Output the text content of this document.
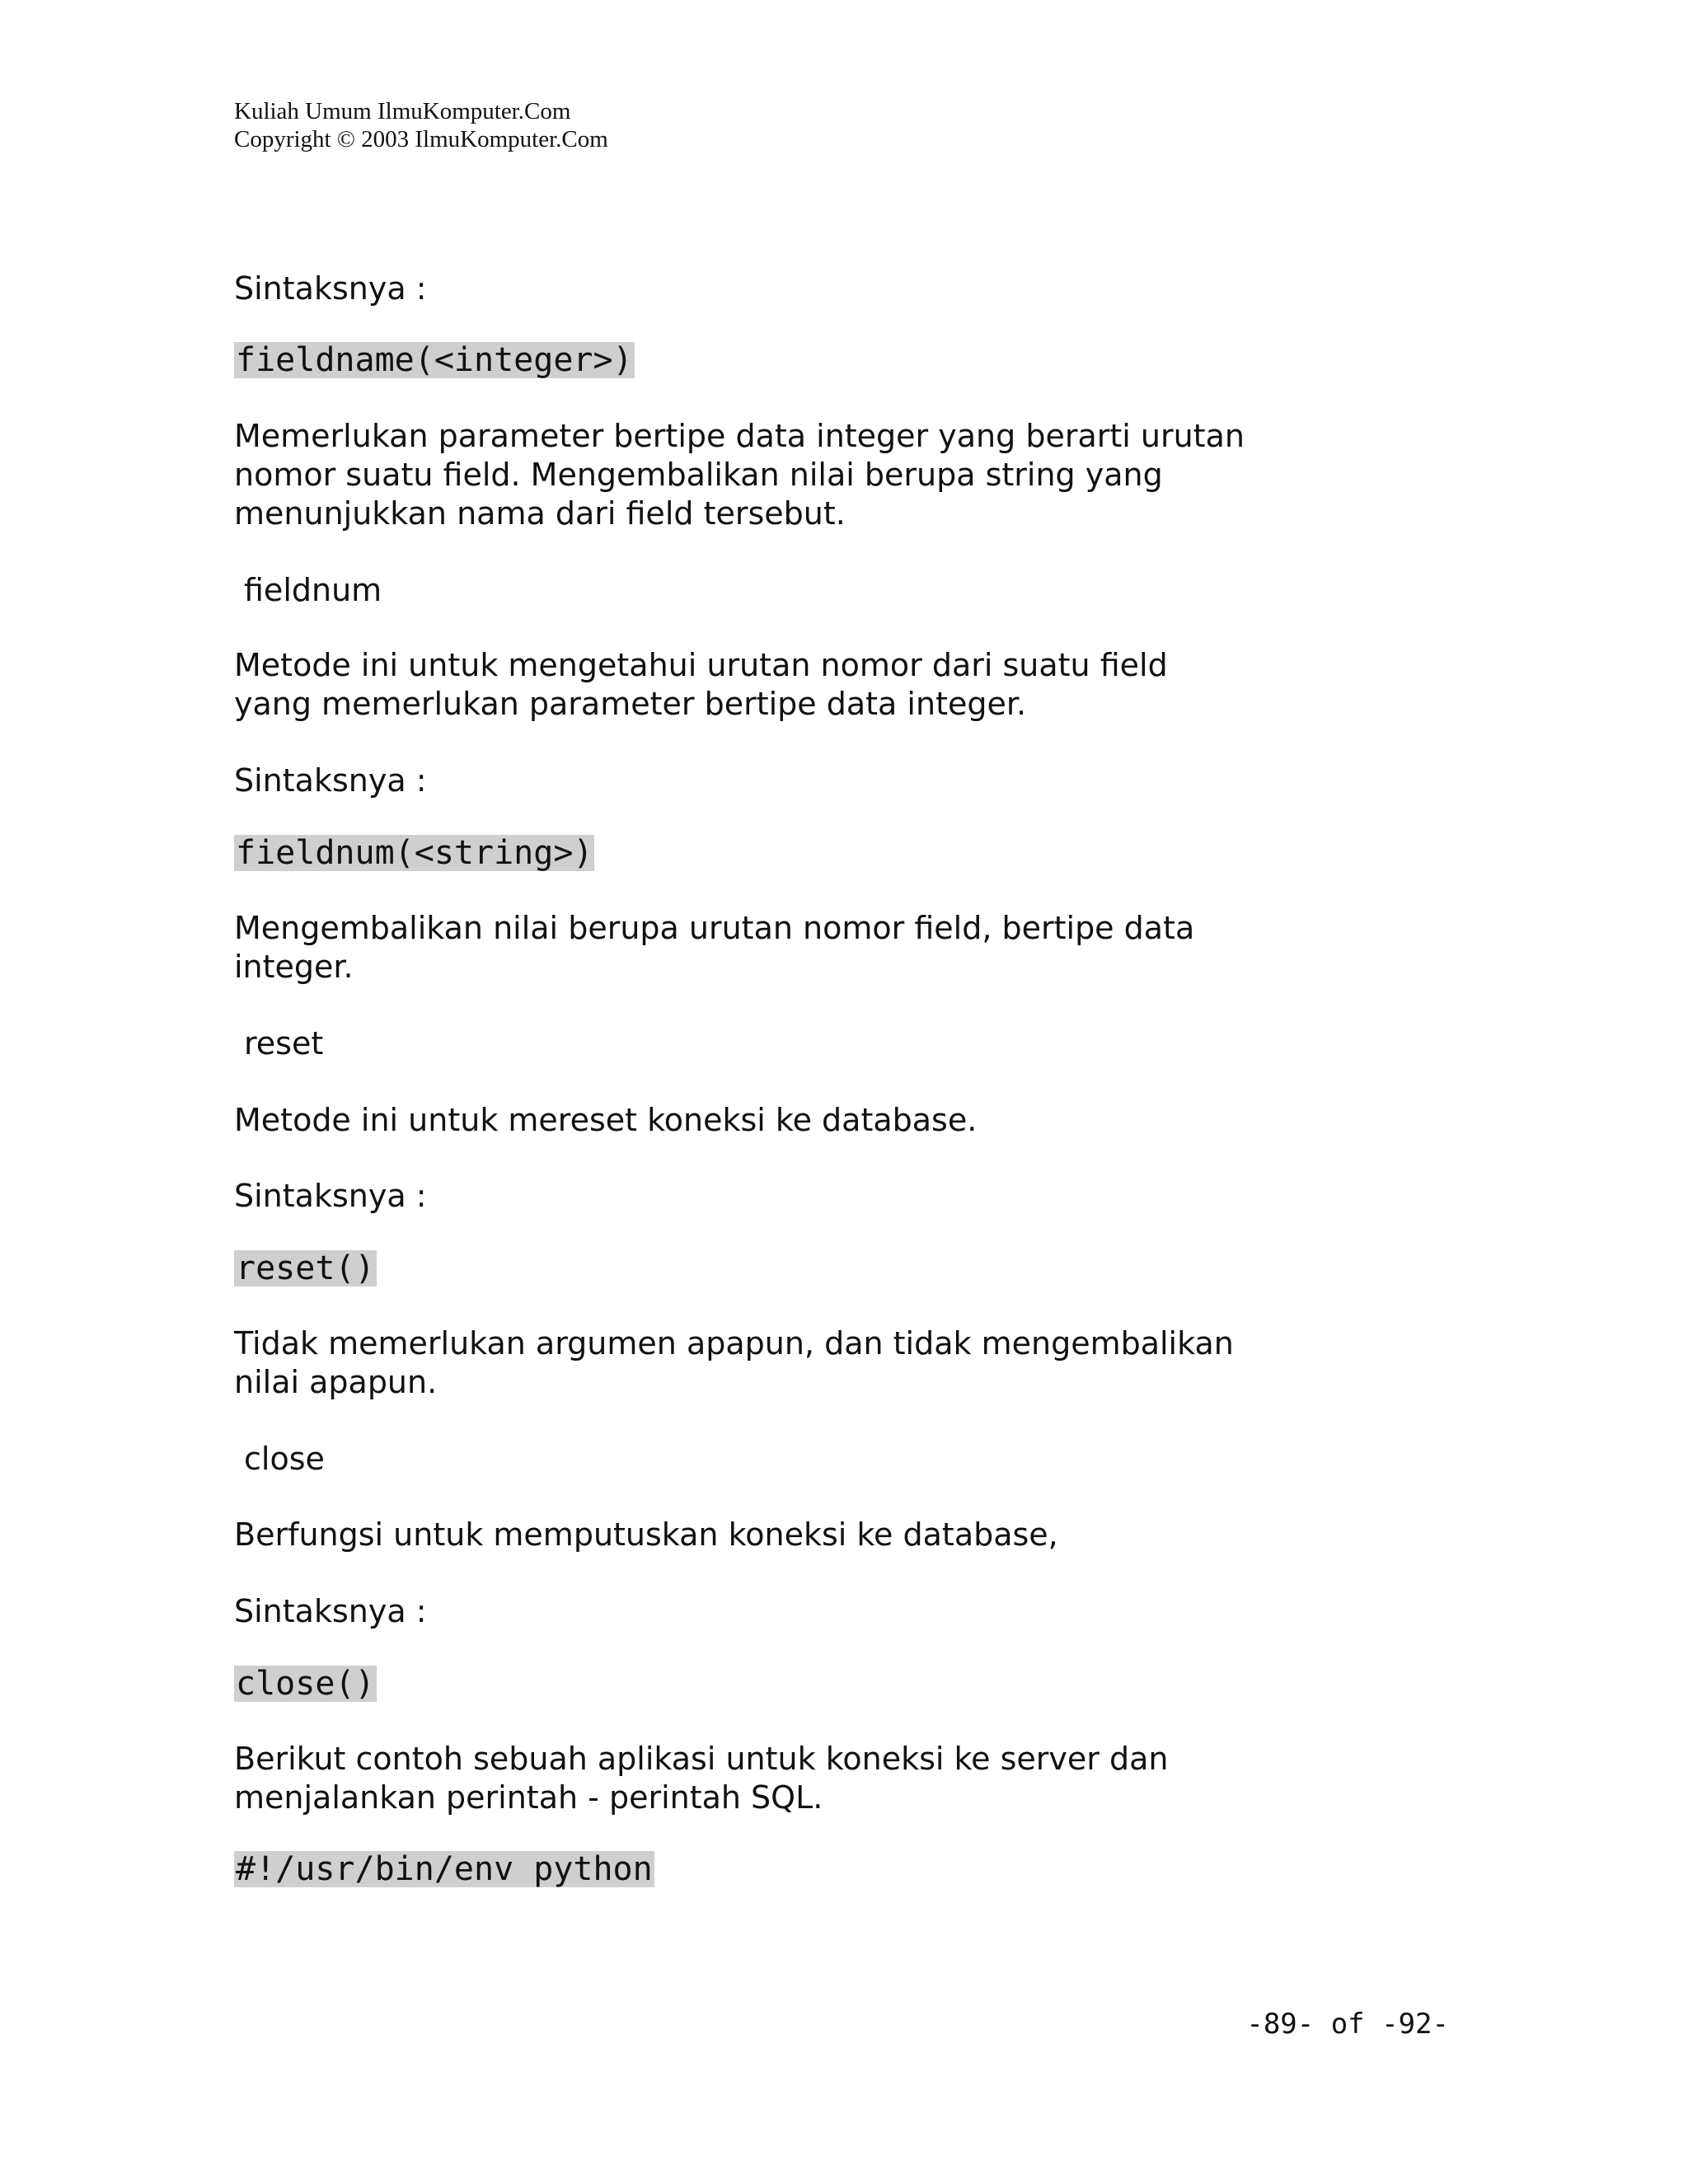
Kuliah Umum IlmuKomputer.Com
Copyright © 2003 IlmuKomputer.Com
Sintaksnya :
fieldname(<integer>)
Memerlukan parameter bertipe data integer yang berarti urutan
nomor suatu field. Mengembalikan nilai berupa string yang
menunjukkan nama dari field tersebut.
fieldnum
Metode ini untuk mengetahui urutan nomor dari suatu field
yang memerlukan parameter bertipe data integer.
Sintaksnya :
fieldnum(<string>)
Mengembalikan nilai berupa urutan nomor field, bertipe data
integer.
reset
Metode ini untuk mereset koneksi ke database.
Sintaksnya :
reset()
Tidak memerlukan argumen apapun, dan tidak mengembalikan
nilai apapun.
close
Berfungsi untuk memputuskan koneksi ke database,
Sintaksnya :
close()
Berikut contoh sebuah aplikasi untuk koneksi ke server dan
menjalankan perintah - perintah SQL.
#!/usr/bin/env python
-89- of -92-
